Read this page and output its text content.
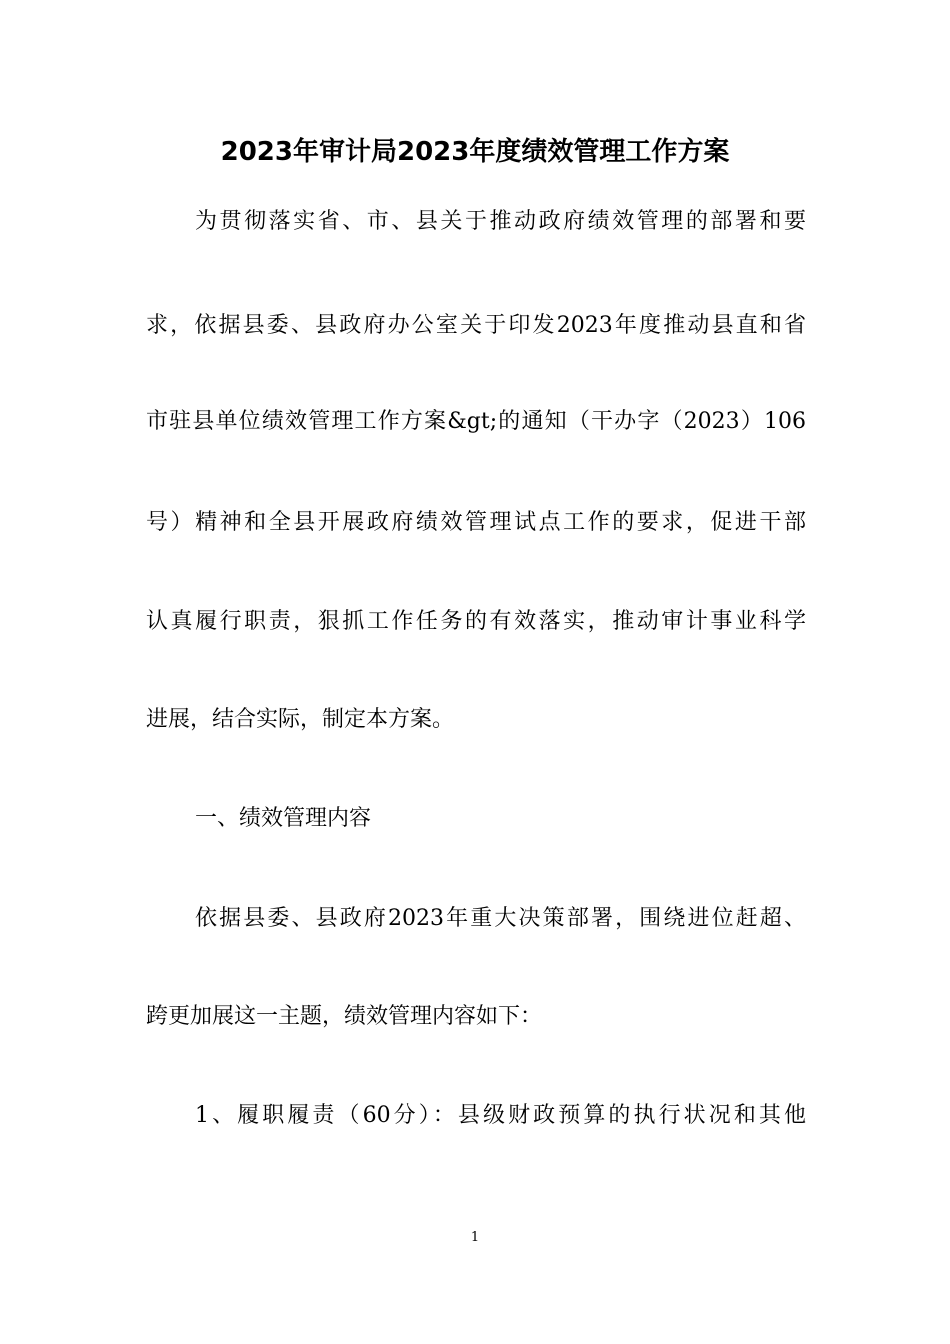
2023年审计局2023年度绩效管理工作方案
为贯彻落实省、市、县关于推动政府绩效管理的部署和要
求，依据县委、县政府办公室关于印发2023年度推动县直和省
市驻县单位绩效管理工作方案&gt;的通知（干办字（2023）106
号）精神和全县开展政府绩效管理试点工作的要求，促进干部
认真履行职责，狠抓工作任务的有效落实，推动审计事业科学
进展，结合实际，制定本方案。
一、绩效管理内容
依据县委、县政府2023年重大决策部署，围绕进位赶超、
跨更加展这一主题，绩效管理内容如下：
1、履职履责（60分）：县级财政预算的执行状况和其他
1
